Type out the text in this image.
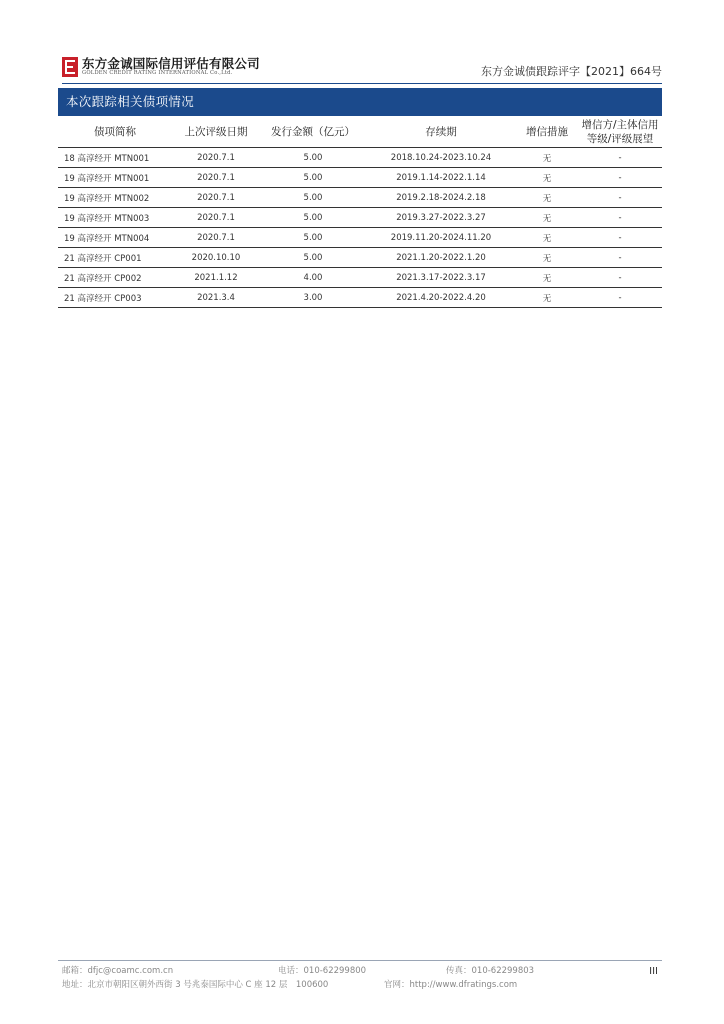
东方金诚国际信用评估有限公司
GOLDEN CREDIT RATING INTERNATIONAL Co.,Ltd.	东方金诚债跟踪评字【2021】664号
本次跟踪相关债项情况
债项简称	上次评级日期	发行金额（亿元）	存续期	增信措施	增信方/主体信用
等级/评级展望

18 高淳经开 MTN001	2020.7.1	5.00	2018.10.24-2023.10.24	无	-
19 高淳经开 MTN001	2020.7.1	5.00	2019.1.14-2022.1.14	无	-
19 高淳经开 MTN002	2020.7.1	5.00	2019.2.18-2024.2.18	无	-
19 高淳经开 MTN003	2020.7.1	5.00	2019.3.27-2022.3.27	无	-
19 高淳经开 MTN004	2020.7.1	5.00	2019.11.20-2024.11.20	无	-
21 高淳经开 CP001	2020.10.10	5.00	2021.1.20-2022.1.20	无	-
21 高淳经开 CP002	2021.1.12	4.00	2021.3.17-2022.3.17	无	-
21 高淳经开 CP003	2021.3.4	3.00	2021.4.20-2022.4.20	无	-
邮箱：dfjc@coamc.com.cn	电话：010-62299800	传真：010-62299803
地址：北京市朝阳区朝外西街 3 号兆泰国际中心 C 座 12 层　100600	官网：http://www.dfratings.com
III
